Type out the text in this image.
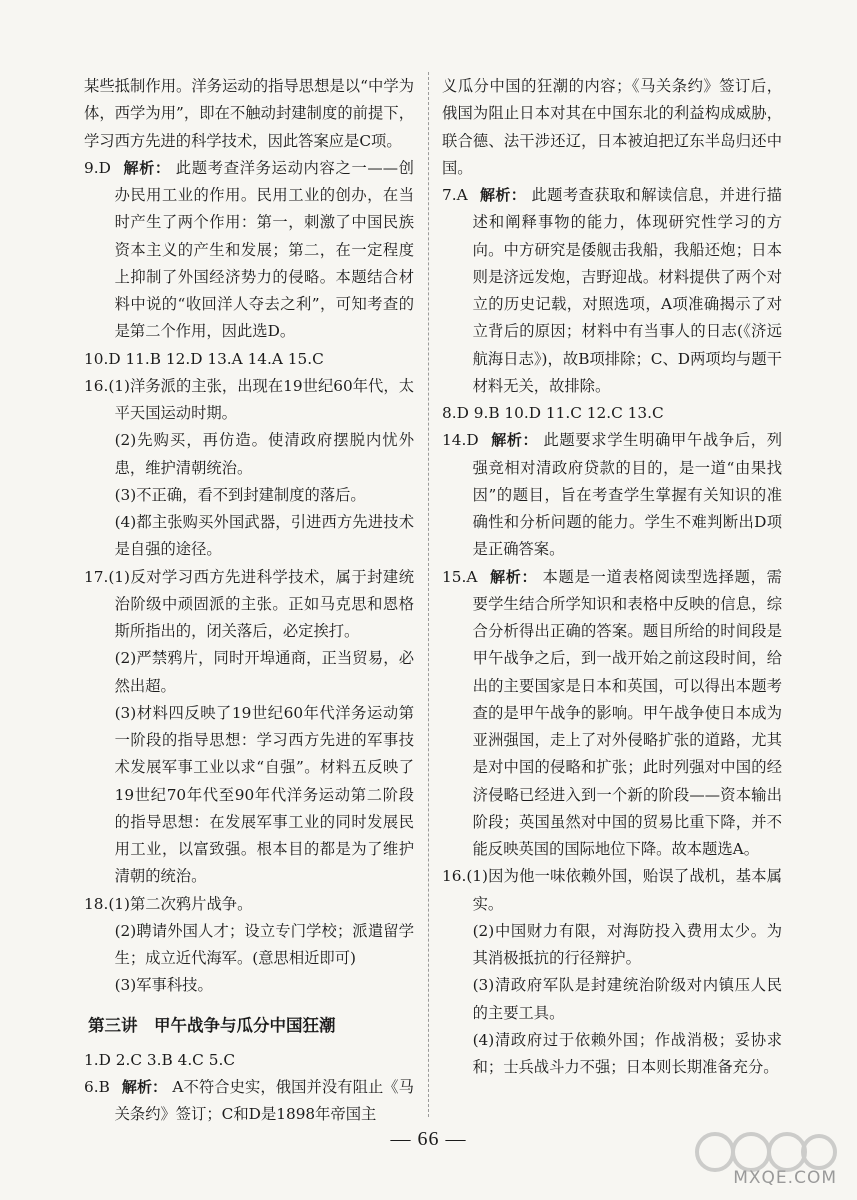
某些抵制作用。洋务运动的指导思想是以“中学为体，西学为用”，即在不触动封建制度的前提下，学习西方先进的科学技术，因此答案应是C项。

9.D 解析： 此题考查洋务运动内容之一——创办民用工业的作用。民用工业的创办，在当时产生了两个作用：第一，刺激了中国民族资本主义的产生和发展；第二，在一定程度上抑制了外国经济势力的侵略。本题结合材料中说的“收回洋人夺去之利”，可知考查的是第二个作用，因此选D。

10.D 11.B 12.D 13.A 14.A 15.C

16.(1)洋务派的主张，出现在19世纪60年代，太平天国运动时期。

(2)先购买，再仿造。使清政府摆脱内忧外患，维护清朝统治。

(3)不正确，看不到封建制度的落后。

(4)都主张购买外国武器，引进西方先进技术是自强的途径。

17.(1)反对学习西方先进科学技术，属于封建统治阶级中顽固派的主张。正如马克思和恩格斯所指出的，闭关落后，必定挨打。

(2)严禁鸦片，同时开埠通商，正当贸易，必然出超。

(3)材料四反映了19世纪60年代洋务运动第一阶段的指导思想：学习西方先进的军事技术发展军事工业以求“自强”。材料五反映了19世纪70年代至90年代洋务运动第二阶段的指导思想：在发展军事工业的同时发展民用工业，以富致强。根本目的都是为了维护清朝的统治。

18.(1)第二次鸦片战争。

(2)聘请外国人才；设立专门学校；派遣留学生；成立近代海军。(意思相近即可)

(3)军事科技。

第三讲　甲午战争与瓜分中国狂潮

1.D 2.C 3.B 4.C 5.C

6.B 解析： A不符合史实，俄国并没有阻止《马关条约》签订；C和D是1898年帝国主

义瓜分中国的狂潮的内容；《马关条约》签订后，俄国为阻止日本对其在中国东北的利益构成威胁，联合德、法干涉还辽，日本被迫把辽东半岛归还中国。

7.A 解析： 此题考查获取和解读信息，并进行描述和阐释事物的能力，体现研究性学习的方向。中方研究是倭舰击我船，我船还炮；日本则是济远发炮，吉野迎战。材料提供了两个对立的历史记载，对照选项，A项准确揭示了对立背后的原因；材料中有当事人的日志(《济远航海日志》)，故B项排除；C、D两项均与题干材料无关，故排除。

8.D 9.B 10.D 11.C 12.C 13.C

14.D 解析： 此题要求学生明确甲午战争后，列强竞相对清政府贷款的目的，是一道“由果找因”的题目，旨在考查学生掌握有关知识的准确性和分析问题的能力。学生不难判断出D项是正确答案。

15.A 解析： 本题是一道表格阅读型选择题，需要学生结合所学知识和表格中反映的信息，综合分析得出正确的答案。题目所给的时间段是甲午战争之后，到一战开始之前这段时间，给出的主要国家是日本和英国，可以得出本题考查的是甲午战争的影响。甲午战争使日本成为亚洲强国，走上了对外侵略扩张的道路，尤其是对中国的侵略和扩张；此时列强对中国的经济侵略已经进入到一个新的阶段——资本输出阶段；英国虽然对中国的贸易比重下降，并不能反映英国的国际地位下降。故本题选A。

16.(1)因为他一味依赖外国，贻误了战机，基本属实。

(2)中国财力有限，对海防投入费用太少。为其消极抵抗的行径辩护。

(3)清政府军队是封建统治阶级对内镇压人民的主要工具。

(4)清政府过于依赖外国；作战消极；妥协求和；士兵战斗力不强；日本则长期准备充分。

— 66 —
MXQE.COM
